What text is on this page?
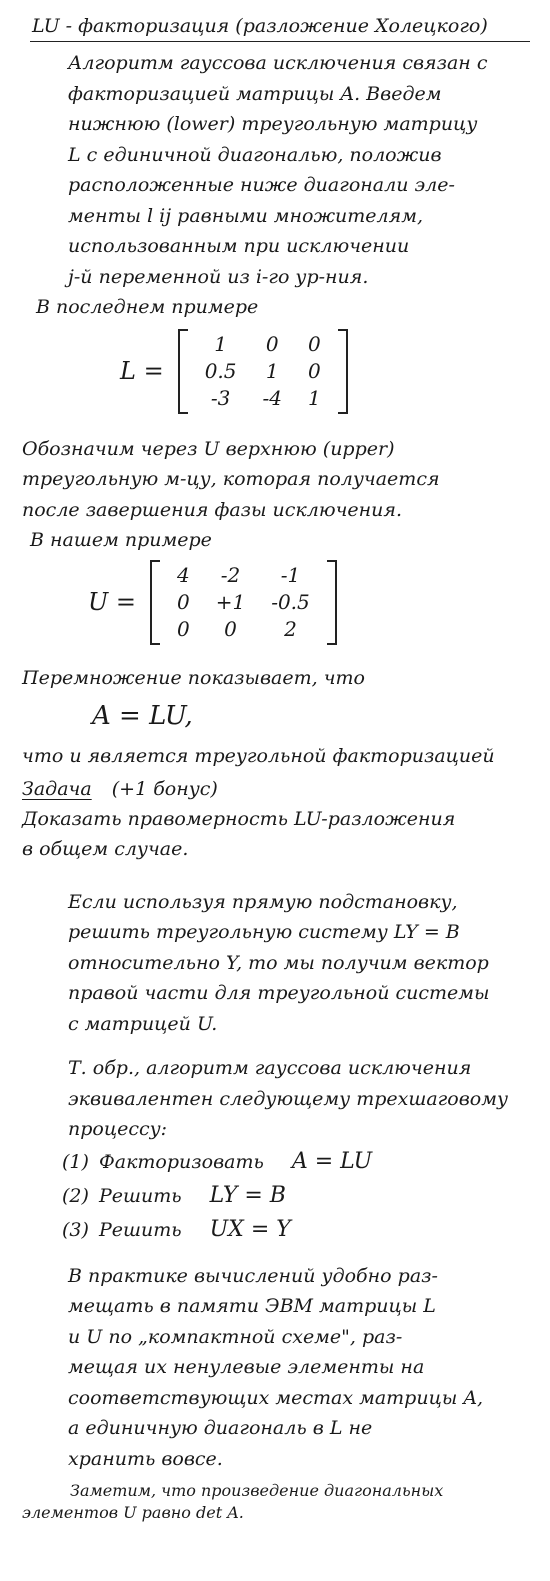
LU - факторизация (разложение Холецкого)
Алгоритм гауссова исключения связан с
факторизацией матрицы A. Введем
нижнюю (lower) треугольную матрицу
L с единичной диагональю, положив
расположенные ниже диагонали эле-
менты l ij равными множителям,
использованным при исключении
j-й переменной из i-го ур-ния.
В последнем примере
L =
1	0	0
0.5	1	0
-3	-4	1
Обозначим через U верхнюю (upper)
треугольную м-цу, которая получается
после завершения фазы исключения.
В нашем примере
U =
4	-2	-1
0	+1	-0.5
0	0	2
Перемножение показывает, что
A = LU,
что и является треугольной факторизацией
Задача (+1 бонус)
Доказать правомерность LU-разложения
в общем случае.
Если используя прямую подстановку,
решить треугольную систему LY = B
относительно Y, то мы получим вектор
правой части для треугольной системы
с матрицей U.
Т. обр., алгоритм гауссова исключения
эквивалентен следующему трехшаговому
процессу:
(1) Факторизовать A = LU
(2) Решить LY = B
(3) Решить UX = Y
В практике вычислений удобно раз-
мещать в памяти ЭВМ матрицы L
и U по „компактной схеме", раз-
мещая их ненулевые элементы на
соответствующих местах матрицы A,
а единичную диагональ в L не
хранить вовсе.
Заметим, что произведение диагональных
элементов U равно det A.
